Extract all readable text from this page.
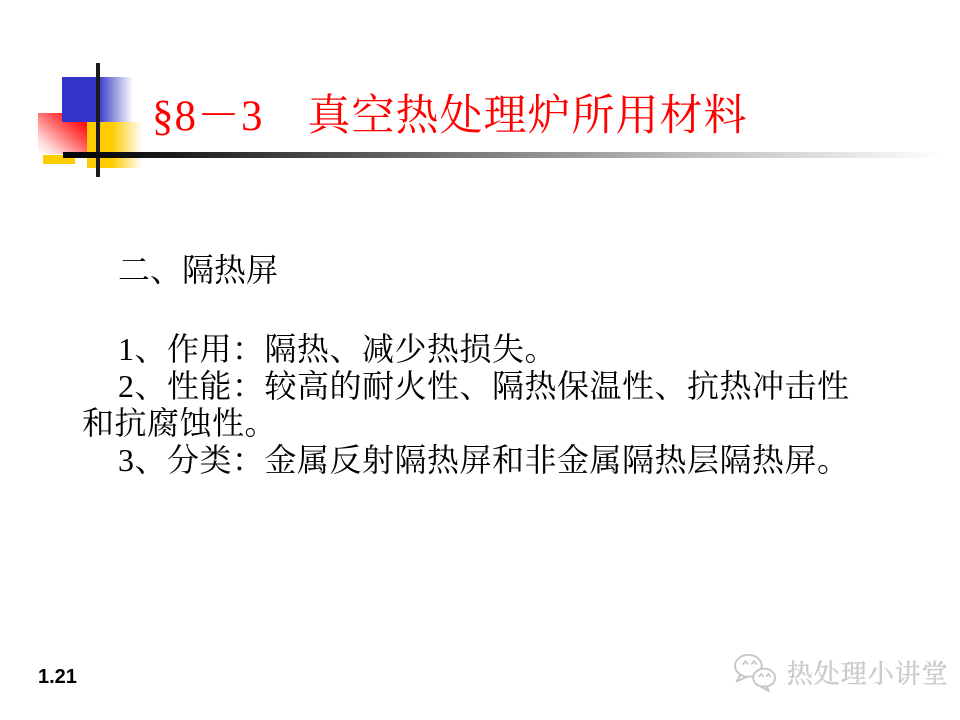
§8－3　真空热处理炉所用材料
二、隔热屏
1、作用：隔热、减少热损失。
2、性能：较高的耐火性、隔热保温性、抗热冲击性
和抗腐蚀性。
3、分类：金属反射隔热屏和非金属隔热层隔热屏。
1.21	热处理小讲堂
